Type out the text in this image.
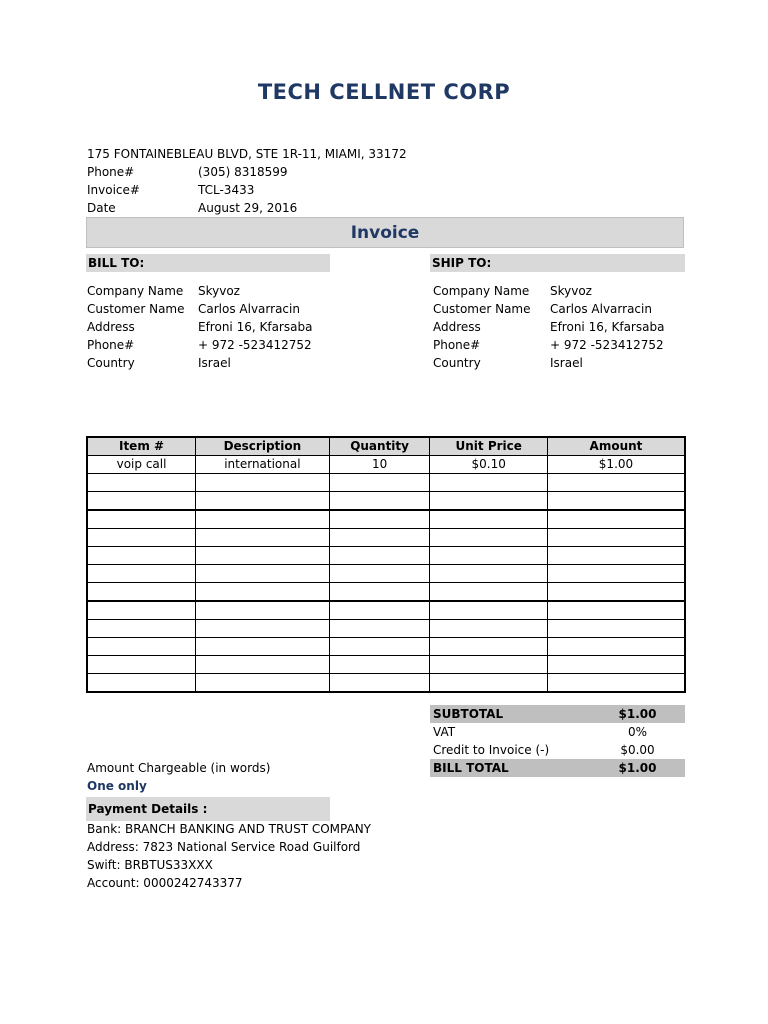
TECH CELLNET CORP
175 FONTAINEBLEAU BLVD, STE 1R-11, MIAMI, 33172
Phone#	(305) 8318599
Invoice#	TCL-3433
Date	August 29, 2016
Invoice
BILL TO:	SHIP TO:
Company Name Skyvoz
Customer Name Carlos Alvarracin
Address	Efroni 16, Kfarsaba
Phone#	+ 972 -523412752
Country	Israel
Company Name Skyvoz
Customer Name Carlos Alvarracin
Address	Efroni 16, Kfarsaba
Phone#	+ 972 -523412752
Country	Israel
Item #	Description	Quantity	Unit Price	Amount
voip call	international	10	$0.10	$1.00

SUBTOTAL	$1.00
VAT	0%
Credit to Invoice (-)	$0.00
BILL TOTAL	$1.00
Amount Chargeable (in words)
One only
Payment Details :
Bank: BRANCH BANKING AND TRUST COMPANY
Address: 7823 National Service Road Guilford
Swift: BRBTUS33XXX
Account: 0000242743377
